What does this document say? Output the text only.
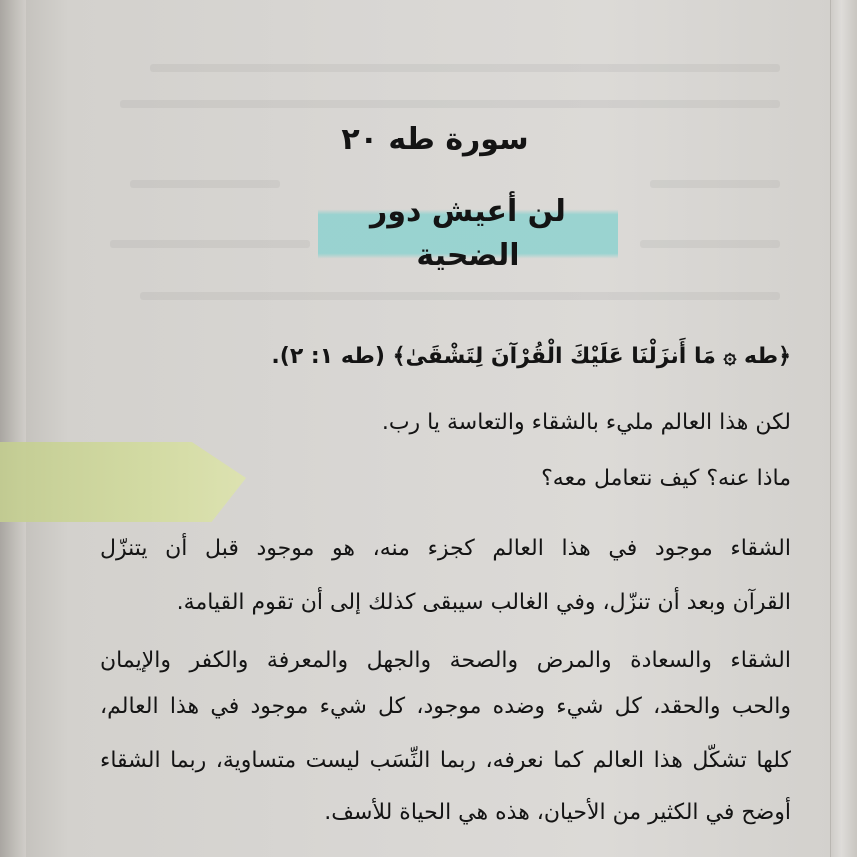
سورة طه ٢٠
لن أعيش دور الضحية

﴿طه ۞ مَا أَنزَلْنَا عَلَيْكَ الْقُرْآنَ لِتَشْقَىٰ﴾ (طه ١: ٢).

لكن هذا العالم مليء بالشقاء والتعاسة يا رب.

ماذا عنه؟ كيف نتعامل معه؟

الشقاء موجود في هذا العالم كجزء منه، هو موجود قبل أن يتنزّل

القرآن وبعد أن تنزّل، وفي الغالب سيبقى كذلك إلى أن تقوم القيامة.

الشقاء والسعادة والمرض والصحة والجهل والمعرفة والكفر والإيمان

والحب والحقد، كل شيء وضده موجود، كل شيء موجود في هذا العالم،

كلها تشكّل هذا العالم كما نعرفه، ربما النِّسَب ليست متساوية، ربما الشقاء

أوضح في الكثير من الأحيان، هذه هي الحياة للأسف.
